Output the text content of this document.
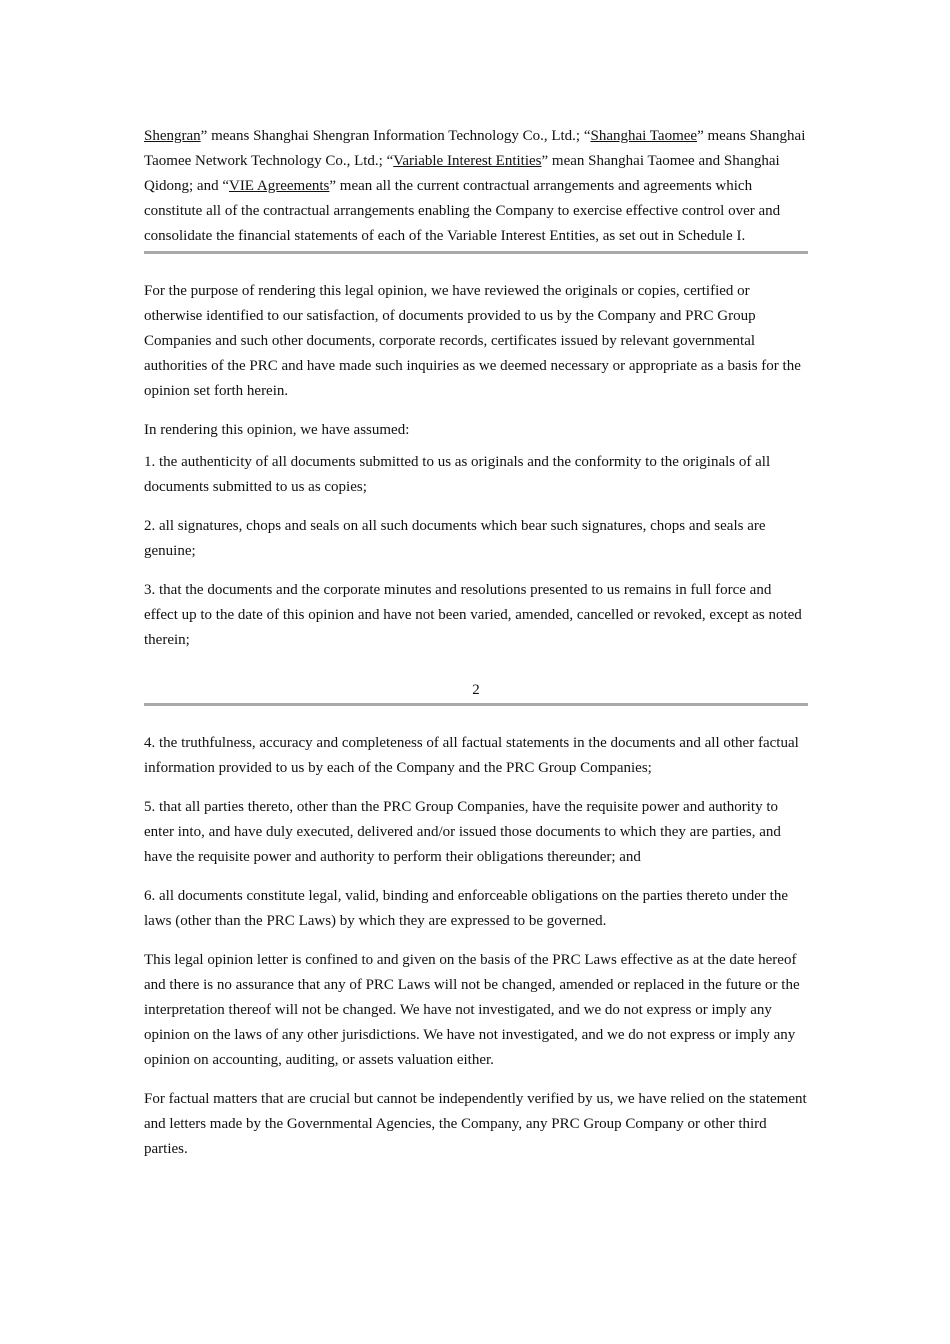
Shengran” means Shanghai Shengran Information Technology Co., Ltd.; “Shanghai Taomee” means Shanghai Taomee Network Technology Co., Ltd.; “Variable Interest Entities” mean Shanghai Taomee and Shanghai Qidong; and “VIE Agreements” mean all the current contractual arrangements and agreements which constitute all of the contractual arrangements enabling the Company to exercise effective control over and consolidate the financial statements of each of the Variable Interest Entities, as set out in Schedule I.

For the purpose of rendering this legal opinion, we have reviewed the originals or copies, certified or otherwise identified to our satisfaction, of documents provided to us by the Company and PRC Group Companies and such other documents, corporate records, certificates issued by relevant governmental authorities of the PRC and have made such inquiries as we deemed necessary or appropriate as a basis for the opinion set forth herein.

In rendering this opinion, we have assumed:

1. the authenticity of all documents submitted to us as originals and the conformity to the originals of all documents submitted to us as copies;

2. all signatures, chops and seals on all such documents which bear such signatures, chops and seals are genuine;

3. that the documents and the corporate minutes and resolutions presented to us remains in full force and effect up to the date of this opinion and have not been varied, amended, cancelled or revoked, except as noted therein;

2

4. the truthfulness, accuracy and completeness of all factual statements in the documents and all other factual information provided to us by each of the Company and the PRC Group Companies;

5. that all parties thereto, other than the PRC Group Companies, have the requisite power and authority to enter into, and have duly executed, delivered and/or issued those documents to which they are parties, and have the requisite power and authority to perform their obligations thereunder; and

6. all documents constitute legal, valid, binding and enforceable obligations on the parties thereto under the laws (other than the PRC Laws) by which they are expressed to be governed.

This legal opinion letter is confined to and given on the basis of the PRC Laws effective as at the date hereof and there is no assurance that any of PRC Laws will not be changed, amended or replaced in the future or the interpretation thereof will not be changed. We have not investigated, and we do not express or imply any opinion on the laws of any other jurisdictions. We have not investigated, and we do not express or imply any opinion on accounting, auditing, or assets valuation either.

For factual matters that are crucial but cannot be independently verified by us, we have relied on the statement and letters made by the Governmental Agencies, the Company, any PRC Group Company or other third parties.
